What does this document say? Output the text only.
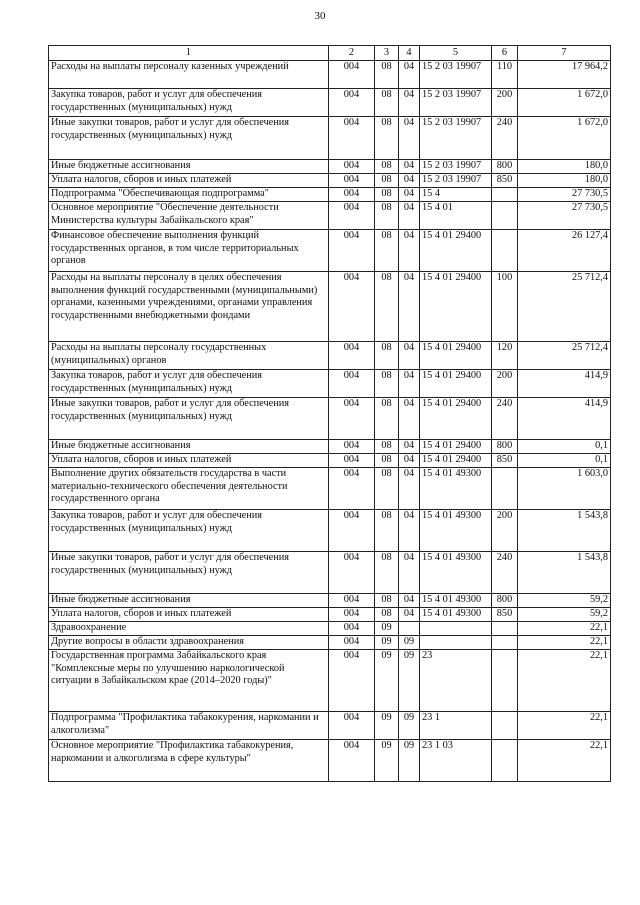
30
1	2	3	4	5	6	7
Расходы на выплаты персоналу казенных учреждений	004	08	04	15 2 03 19907	110	17 964,2
Закупка товаров, работ и услуг для обеспечения государственных (муниципальных) нужд	004	08	04	15 2 03 19907	200	1 672,0
Иные закупки товаров, работ и услуг для обеспечения государственных (муниципальных) нужд	004	08	04	15 2 03 19907	240	1 672,0
Иные бюджетные ассигнования	004	08	04	15 2 03 19907	800	180,0
Уплата налогов, сборов и иных платежей	004	08	04	15 2 03 19907	850	180,0
Подпрограмма "Обеспечивающая подпрограмма"	004	08	04	15 4		27 730,5
Основное мероприятие "Обеспечение деятельности Министерства культуры Забайкальского края"	004	08	04	15 4 01		27 730,5
Финансовое обеспечение выполнения функций государственных органов, в том числе территориальных органов	004	08	04	15 4 01 29400		26 127,4
Расходы на выплаты персоналу в целях обеспечения выполнения функций государственными (муниципальными) органами, казенными учреждениями, органами управления государственными внебюджетными фондами	004	08	04	15 4 01 29400	100	25 712,4
Расходы на выплаты персоналу государственных (муниципальных) органов	004	08	04	15 4 01 29400	120	25 712,4
Закупка товаров, работ и услуг для обеспечения государственных (муниципальных) нужд	004	08	04	15 4 01 29400	200	414,9
Иные закупки товаров, работ и услуг для обеспечения государственных (муниципальных) нужд	004	08	04	15 4 01 29400	240	414,9
Иные бюджетные ассигнования	004	08	04	15 4 01 29400	800	0,1
Уплата налогов, сборов и иных платежей	004	08	04	15 4 01 29400	850	0,1
Выполнение других обязательств государства в части материально-технического обеспечения деятельности государственного органа	004	08	04	15 4 01 49300		1 603,0
Закупка товаров, работ и услуг для обеспечения государственных (муниципальных) нужд	004	08	04	15 4 01 49300	200	1 543,8
Иные закупки товаров, работ и услуг для обеспечения государственных (муниципальных) нужд	004	08	04	15 4 01 49300	240	1 543,8
Иные бюджетные ассигнования	004	08	04	15 4 01 49300	800	59,2
Уплата налогов, сборов и иных платежей	004	08	04	15 4 01 49300	850	59,2
Здравоохранение	004	09				22,1
Другие вопросы в области здравоохранения	004	09	09			22,1
Государственная программа Забайкальского края "Комплексные меры по улучшению наркологической ситуации в Забайкальском крае (2014–2020 годы)"	004	09	09	23		22,1
Подпрограмма "Профилактика табакокурения, наркомании и алкоголизма"	004	09	09	23 1		22,1
Основное мероприятие "Профилактика табакокурения, наркомании и алкоголизма в сфере культуры"	004	09	09	23 1 03		22,1
